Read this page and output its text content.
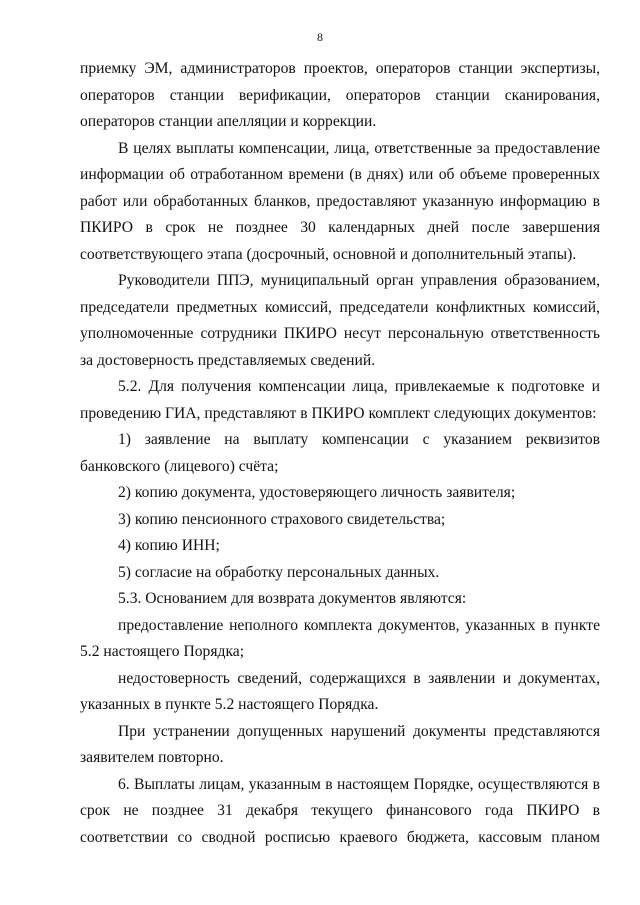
8

приемку ЭМ, администраторов проектов, операторов станции экспертизы, операторов станции верификации, операторов станции сканирования, операторов станции апелляции и коррекции.

В целях выплаты компенсации, лица, ответственные за предоставление информации об отработанном времени (в днях) или об объеме проверенных работ или обработанных бланков, предоставляют указанную информацию в ПКИРО в срок не позднее 30 календарных дней после завершения соответствующего этапа (досрочный, основной и дополнительный этапы).

Руководители ППЭ, муниципальный орган управления образованием, председатели предметных комиссий, председатели конфликтных комиссий, уполномоченные сотрудники ПКИРО несут персональную ответственность за достоверность представляемых сведений.

5.2. Для получения компенсации лица, привлекаемые к подготовке и проведению ГИА, представляют в ПКИРО комплект следующих документов:

1) заявление на выплату компенсации с указанием реквизитов банковского (лицевого) счёта;

2) копию документа, удостоверяющего личность заявителя;

3) копию пенсионного страхового свидетельства;

4) копию ИНН;

5) согласие на обработку персональных данных.

5.3. Основанием для возврата документов являются:

предоставление неполного комплекта документов, указанных в пункте 5.2 настоящего Порядка;

недостоверность сведений, содержащихся в заявлении и документах, указанных в пункте 5.2 настоящего Порядка.

При устранении допущенных нарушений документы представляются заявителем повторно.

6. Выплаты лицам, указанным в настоящем Порядке, осуществляются в срок не позднее 31 декабря текущего финансового года ПКИРО в соответствии со сводной росписью краевого бюджета, кассовым планом
